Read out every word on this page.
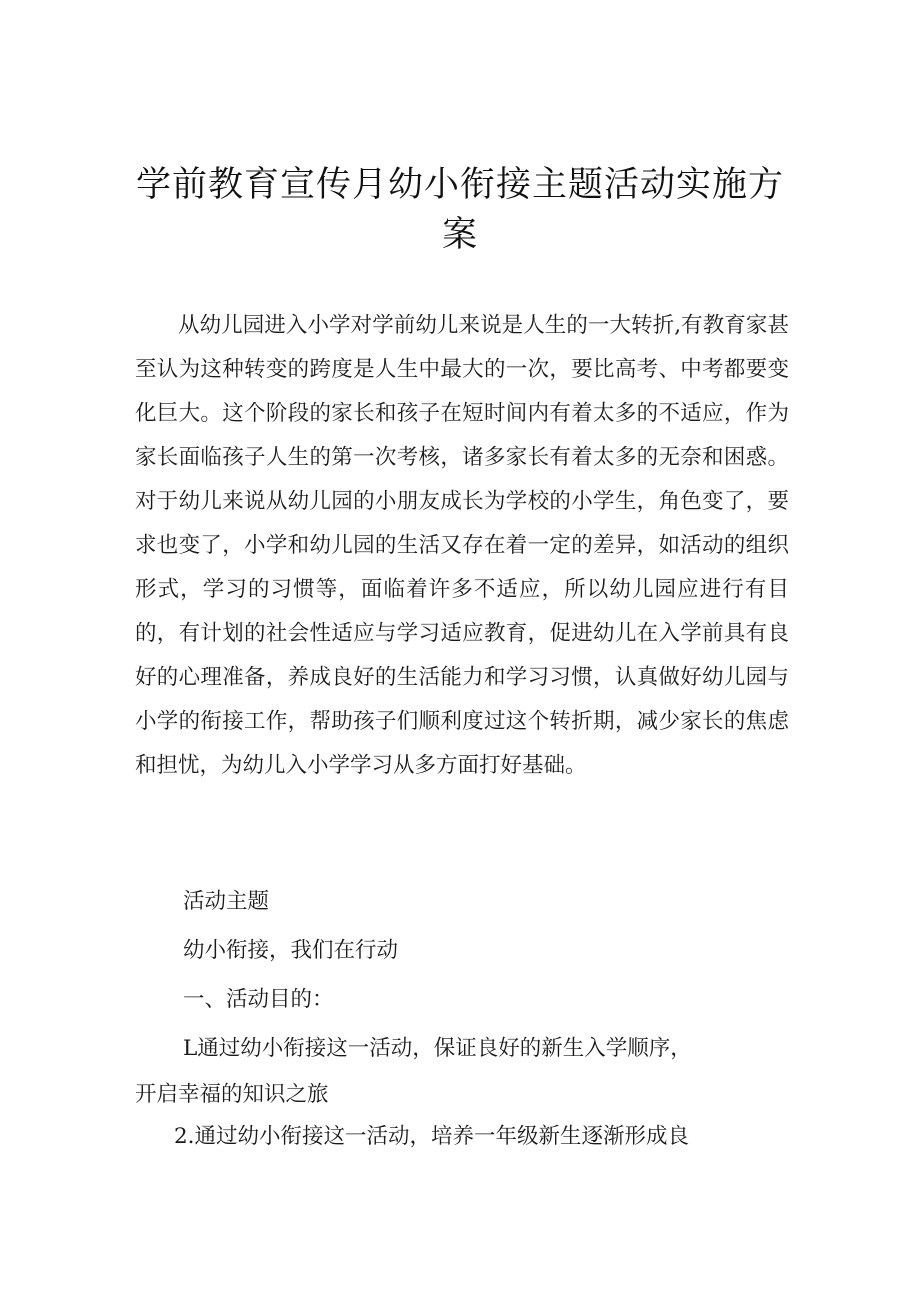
学前教育宣传月幼小衔接主题活动实施方案

从幼儿园进入小学对学前幼儿来说是人生的一大转折,有教育家甚至认为这种转变的跨度是人生中最大的一次，要比高考、中考都要变化巨大。这个阶段的家长和孩子在短时间内有着太多的不适应，作为家长面临孩子人生的第一次考核，诸多家长有着太多的无奈和困惑。对于幼儿来说从幼儿园的小朋友成长为学校的小学生，角色变了，要求也变了，小学和幼儿园的生活又存在着一定的差异，如活动的组织形式，学习的习惯等，面临着许多不适应，所以幼儿园应进行有目的，有计划的社会性适应与学习适应教育，促进幼儿在入学前具有良好的心理准备，养成良好的生活能力和学习习惯，认真做好幼儿园与小学的衔接工作，帮助孩子们顺利度过这个转折期，减少家长的焦虑和担忧，为幼儿入小学学习从多方面打好基础。

活动主题

幼小衔接，我们在行动

一、活动目的：

L通过幼小衔接这一活动，保证良好的新生入学顺序，

开启幸福的知识之旅

2.通过幼小衔接这一活动，培养一年级新生逐渐形成良
